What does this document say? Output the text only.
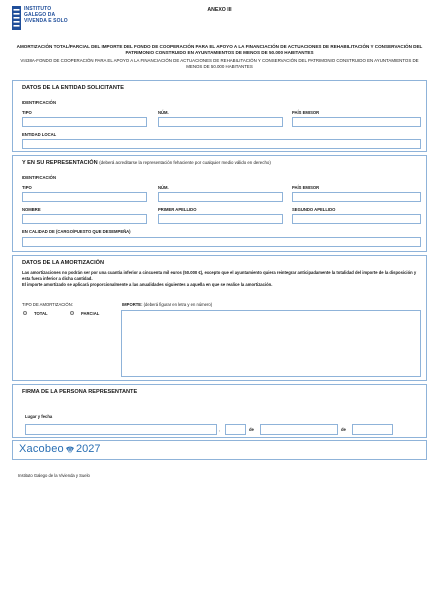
INSTITUTO
GALEGO DA
VIVENDA E SOLO
ANEXO III
AMORTIZACIÓN TOTAL/PARCIAL DEL IMPORTE DEL FONDO DE COOPERACIÓN PARA EL APOYO A LA FINANCIACIÓN DE ACTUACIONES DE REHABILITACIÓN Y CONSERVACIÓN DEL PATRIMONIO CONSTRUIDO EN AYUNTAMIENTOS DE MENOS DE 50.000 HABITANTES
VI438A-FONDO DE COOPERACIÓN PARA EL APOYO A LA FINANCIACIÓN DE ACTUACIONES DE REHABILITACIÓN Y CONSERVACIÓN DEL PATRIMONIO CONSTRUIDO EN AYUNTAMIENTOS DE MENOS DE 50.000 HABITANTES
DATOS DE LA ENTIDAD SOLICITANTE
IDENTIFICACIÓN
TIPO	NÚM.	PAÍS EMISOR
ENTIDAD LOCAL
Y EN SU REPRESENTACIÓN (deberá acreditarse la representación fehaciente por cualquier medio válido en derecho)
IDENTIFICACIÓN
TIPO	NÚM.	PAÍS EMISOR
NOMBRE	PRIMER APELLIDO	SEGUNDO APELLIDO
EN CALIDAD DE (CARGO/PUESTO QUE DESEMPEÑA)
DATOS DE LA AMORTIZACIÓN
Las amortizaciones no podrán ser por una cuantía inferior a cincuenta mil euros (50.000 €), excepto que el ayuntamiento quiera reintegrar anticipadamente la totalidad del importe de la disposición y esta fuera inferior a dicha cantidad.
El importe amortizado se aplicará proporcionalmente a las anualidades siguientes a aquella en que se realice la amortización.
TIPO DE AMORTIZACIÓN:
TOTAL	PARCIAL
IMPORTE: (deberá figurar en letra y en número)
FIRMA DE LA PERSONA REPRESENTANTE
Lugar y fecha
,	de	de
Xacobeo 2027
Instituto Galego de la Vivienda y Suelo
